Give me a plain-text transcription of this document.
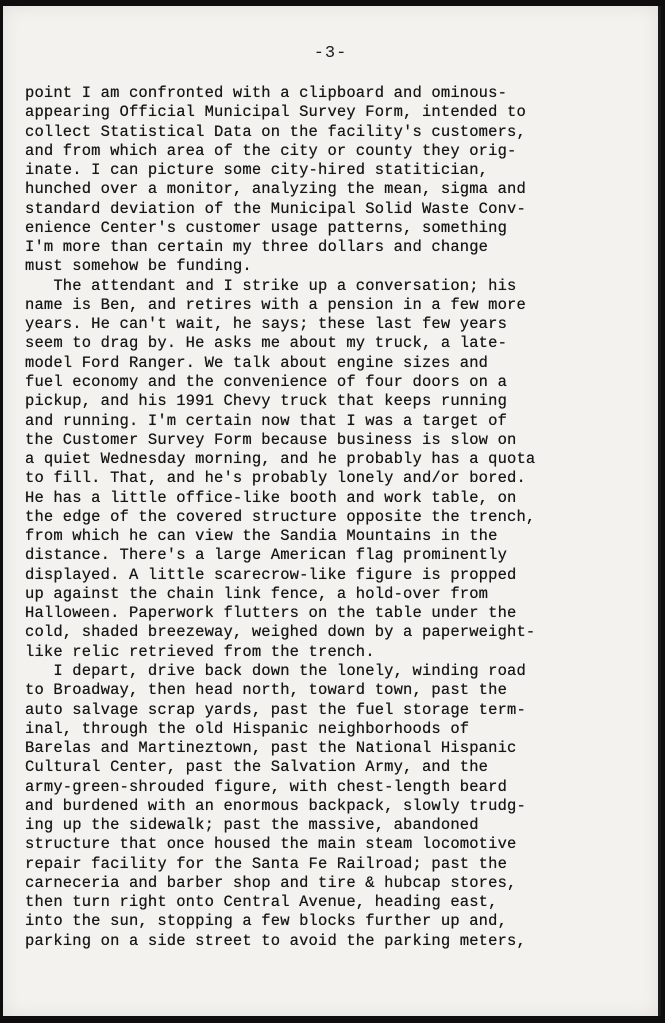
-3-
point I am confronted with a clipboard and ominous-
appearing Official Municipal Survey Form, intended to
collect Statistical Data on the facility's customers,
and from which area of the city or county they orig-
inate. I can picture some city-hired statitician,
hunched over a monitor, analyzing the mean, sigma and
standard deviation of the Municipal Solid Waste Conv-
enience Center's customer usage patterns, something
I'm more than certain my three dollars and change
must somehow be funding.
The attendant and I strike up a conversation; his
name is Ben, and retires with a pension in a few more
years. He can't wait, he says; these last few years
seem to drag by. He asks me about my truck, a late-
model Ford Ranger. We talk about engine sizes and
fuel economy and the convenience of four doors on a
pickup, and his 1991 Chevy truck that keeps running
and running. I'm certain now that I was a target of
the Customer Survey Form because business is slow on
a quiet Wednesday morning, and he probably has a quota
to fill. That, and he's probably lonely and/or bored.
He has a little office-like booth and work table, on
the edge of the covered structure opposite the trench,
from which he can view the Sandia Mountains in the
distance. There's a large American flag prominently
displayed. A little scarecrow-like figure is propped
up against the chain link fence, a hold-over from
Halloween. Paperwork flutters on the table under the
cold, shaded breezeway, weighed down by a paperweight-
like relic retrieved from the trench.
I depart, drive back down the lonely, winding road
to Broadway, then head north, toward town, past the
auto salvage scrap yards, past the fuel storage term-
inal, through the old Hispanic neighborhoods of
Barelas and Martineztown, past the National Hispanic
Cultural Center, past the Salvation Army, and the
army-green-shrouded figure, with chest-length beard
and burdened with an enormous backpack, slowly trudg-
ing up the sidewalk; past the massive, abandoned
structure that once housed the main steam locomotive
repair facility for the Santa Fe Railroad; past the
carneceria and barber shop and tire & hubcap stores,
then turn right onto Central Avenue, heading east,
into the sun, stopping a few blocks further up and,
parking on a side street to avoid the parking meters,
